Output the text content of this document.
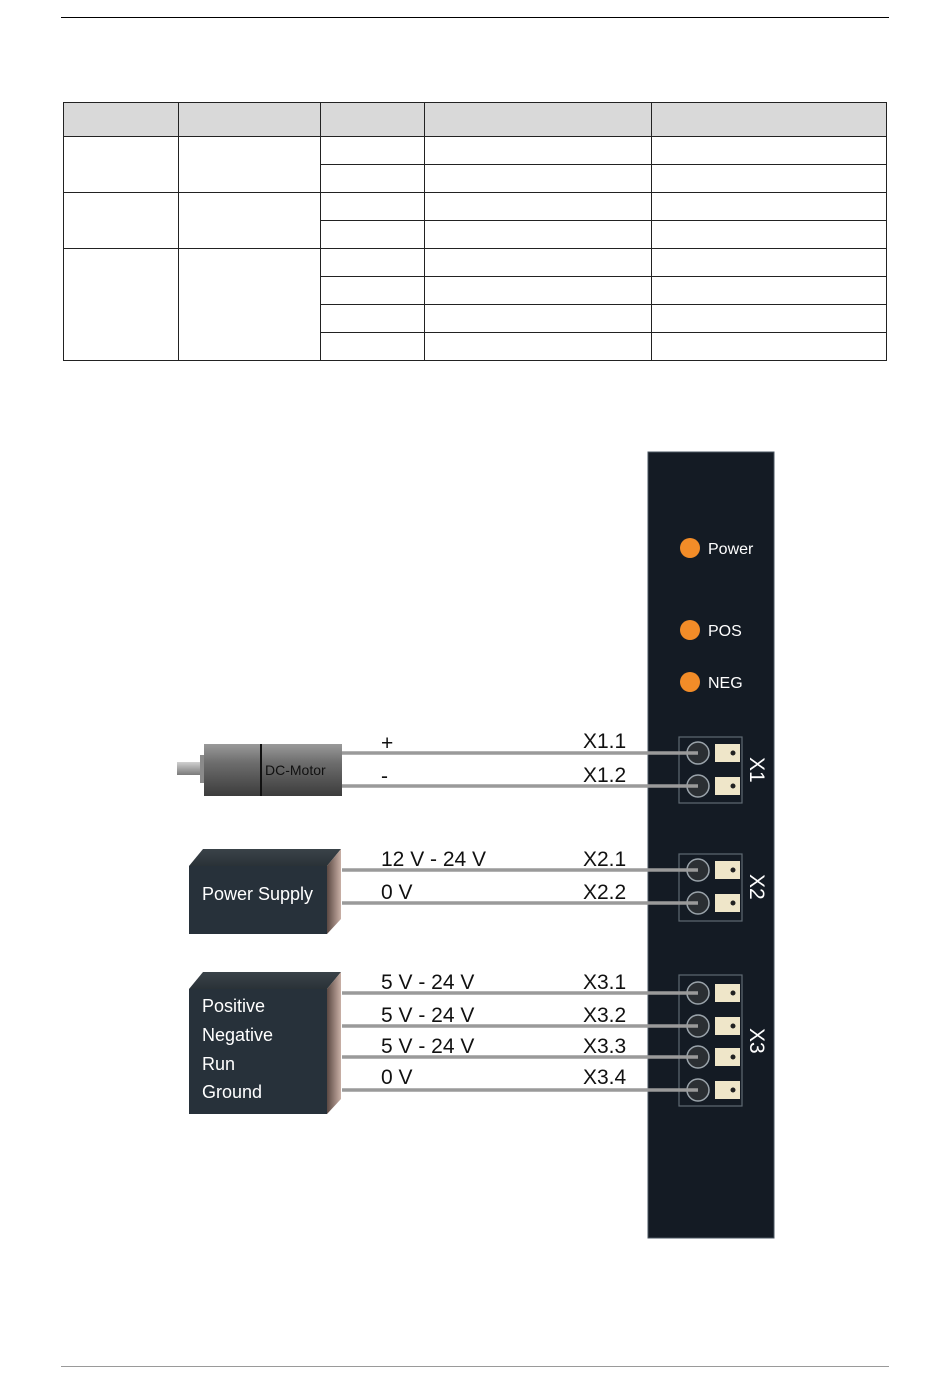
Power
POS
NEG
X1
X2
X3
+	X1.1
-	X1.2
12 V - 24 V	X2.1
0 V	X2.2
5 V - 24 V	X3.1
5 V - 24 V	X3.2
5 V - 24 V	X3.3
0 V	X3.4
DC-Motor
Power Supply
Positive
Negative
Run
Ground
